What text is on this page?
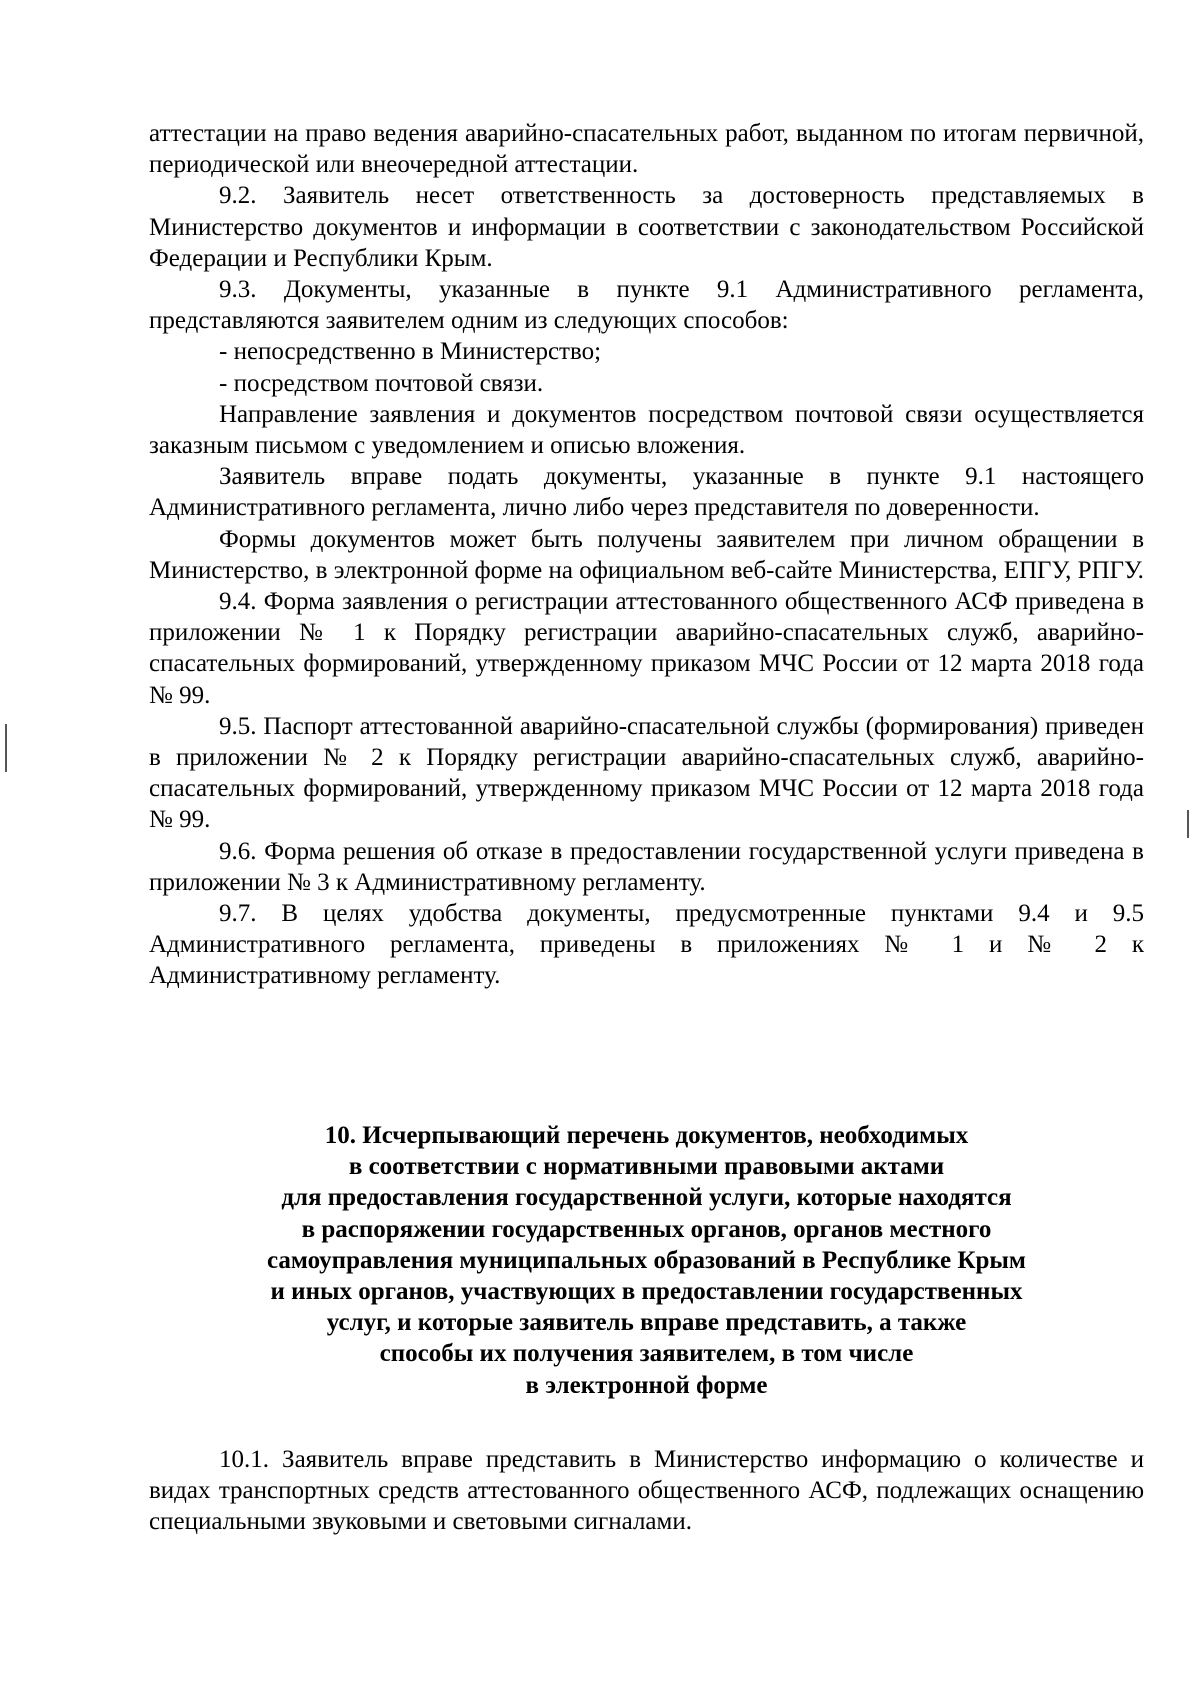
аттестации на право ведения аварийно-спасательных работ, выданном по итогам первичной, периодической или внеочередной аттестации.

9.2. Заявитель несет ответственность за достоверность представляемых в Министерство документов и информации в соответствии с законодательством Российской Федерации и Республики Крым.

9.3. Документы, указанные в пункте 9.1 Административного регламента, представляются заявителем одним из следующих способов:

- непосредственно в Министерство;

- посредством почтовой связи.

Направление заявления и документов посредством почтовой связи осуществляется заказным письмом с уведомлением и описью вложения.

Заявитель вправе подать документы, указанные в пункте 9.1 настоящего Административного регламента, лично либо через представителя по доверенности.

Формы документов может быть получены заявителем при личном обращении в Министерство, в электронной форме на официальном веб-сайте Министерства, ЕПГУ, РПГУ.

9.4. Форма заявления о регистрации аттестованного общественного АСФ приведена в приложении № 1 к Порядку регистрации аварийно-спасательных служб, аварийно-спасательных формирований, утвержденному приказом МЧС России от 12 марта 2018 года № 99.

9.5. Паспорт аттестованной аварийно-спасательной службы (формирования) приведен в приложении № 2 к Порядку регистрации аварийно-спасательных служб, аварийно-спасательных формирований, утвержденному приказом МЧС России от 12 марта 2018 года № 99.

9.6. Форма решения об отказе в предоставлении государственной услуги приведена в приложении № 3 к Административному регламенту.

9.7. В целях удобства документы, предусмотренные пунктами 9.4 и 9.5 Административного регламента, приведены в приложениях № 1 и № 2 к Административному регламенту.

10. Исчерпывающий перечень документов, необходимых
в соответствии с нормативными правовыми актами
для предоставления государственной услуги, которые находятся
в распоряжении государственных органов, органов местного
самоуправления муниципальных образований в Республике Крым
и иных органов, участвующих в предоставлении государственных
услуг, и которые заявитель вправе представить, а также
способы их получения заявителем, в том числе
в электронной форме

10.1. Заявитель вправе представить в Министерство информацию о количестве и видах транспортных средств аттестованного общественного АСФ, подлежащих оснащению специальными звуковыми и световыми сигналами.
